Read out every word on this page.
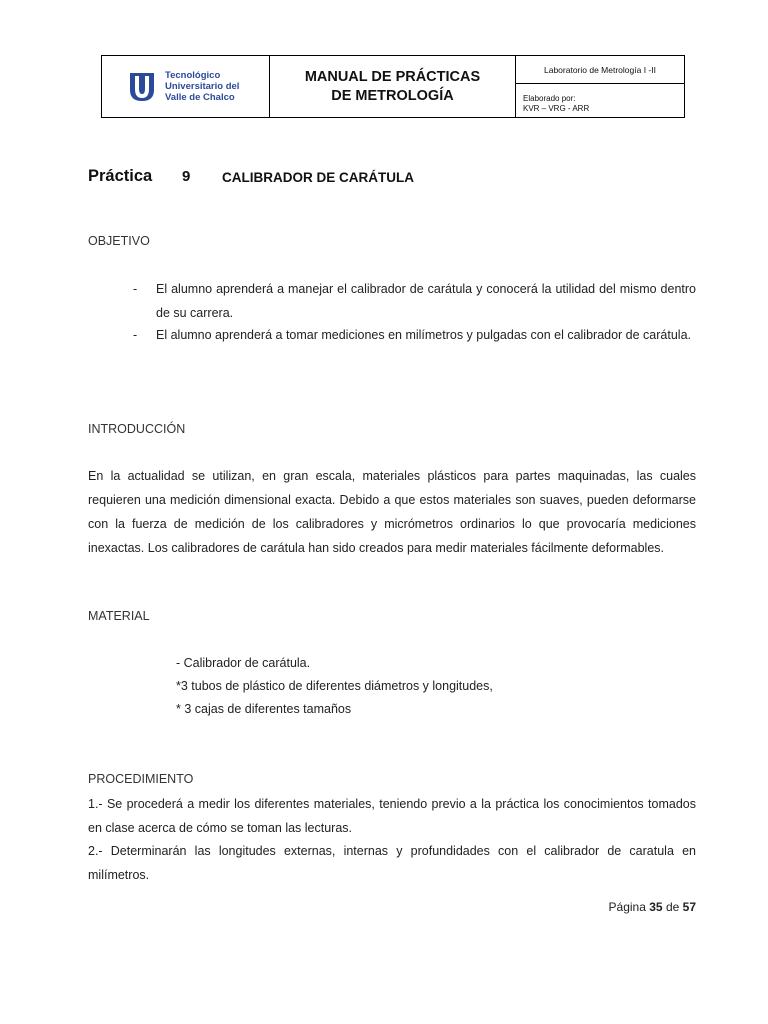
Tecnológico
Universitario del
Valle de Chalco
MANUAL DE PRÁCTICAS
DE METROLOGÍA
Laboratorio de Metrología I -II
Elaborado por:
KVR – VRG - ARR
Práctica 9 CALIBRADOR DE CARÁTULA
OBJETIVO
- El alumno aprenderá a manejar el calibrador de carátula y conocerá la utilidad del mismo dentro de su carrera.
- El alumno aprenderá a tomar mediciones en milímetros y pulgadas con el calibrador de carátula.
INTRODUCCIÓN
En la actualidad se utilizan, en gran escala, materiales plásticos para partes maquinadas, las cuales requieren una medición dimensional exacta. Debido a que estos materiales son suaves, pueden deformarse con la fuerza de medición de los calibradores y micrómetros ordinarios lo que provocaría mediciones inexactas. Los calibradores de carátula han sido creados para medir materiales fácilmente deformables.
MATERIAL
- Calibrador de carátula.
*3 tubos de plástico de diferentes diámetros y longitudes,
* 3 cajas de diferentes tamaños
PROCEDIMIENTO
1.- Se procederá a medir los diferentes materiales, teniendo previo a la práctica los conocimientos tomados en clase acerca de cómo se toman las lecturas.
2.- Determinarán las longitudes externas, internas y profundidades con el calibrador de caratula en milímetros.
Página 35 de 57
